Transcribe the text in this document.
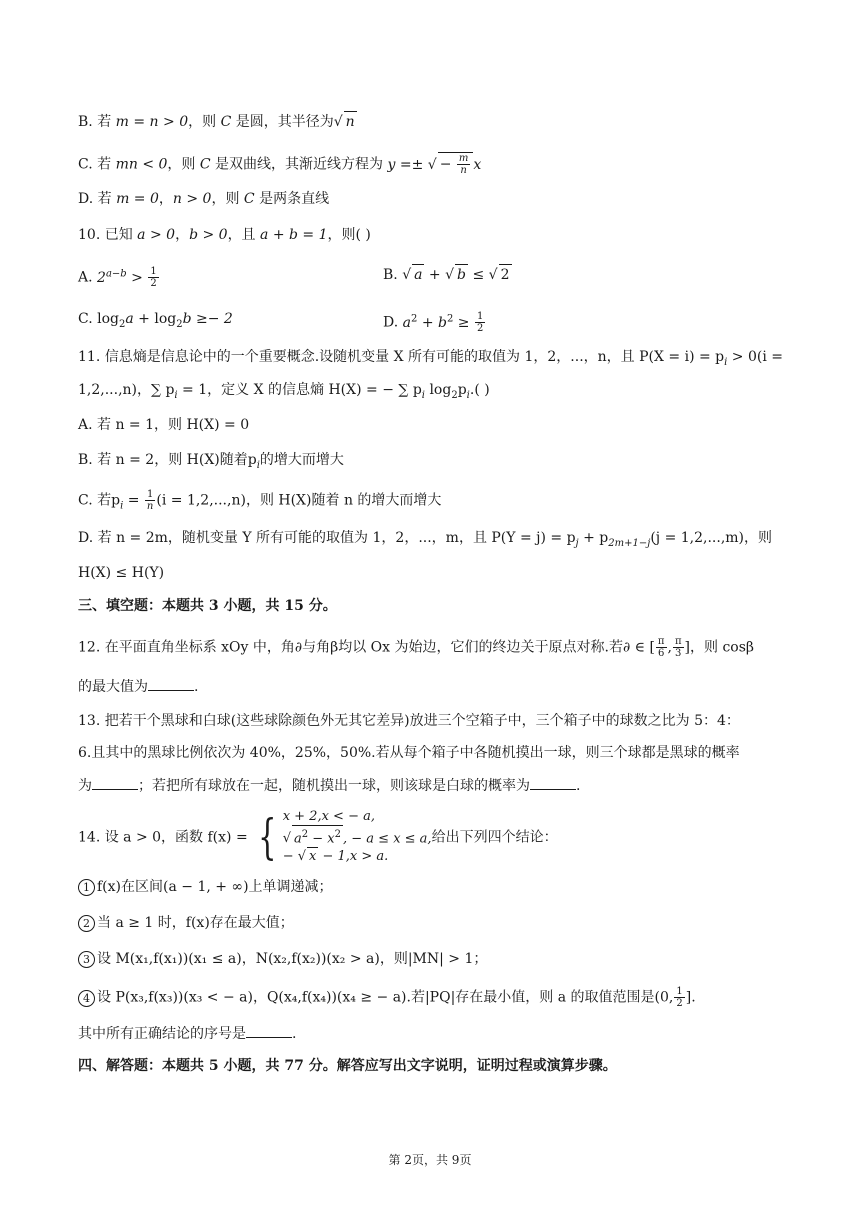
B. 若 m = n > 0，则 C 是圆，其半径为√ n
C. 若 mn < 0，则 C 是双曲线，其渐近线方程为 y =± √ − $\frac{m}{n}$ x
D. 若 m = 0，n > 0，则 C 是两条直线
10. 已知 a > 0，b > 0，且 a + b = 1，则( )
A. $2^{a-b} > \frac{1}{2}$	B. √ a + √ b ≤ √ 2
C. $\log_2a + \log_2b \ge- 2$	D. $a^2 + b^2 \ge \frac{1}{2}$
11. 信息熵是信息论中的一个重要概念.设随机变量 X 所有可能的取值为 1，2，...，n，且 $P(X = i) = p_i > 0(i$ =
1,2,...,n)，∑ $p_i = 1$，定义 X 的信息熵 H(X) = − ∑ $p_i$ $\log_2p_i$.( )
A. 若 n = 1，则 H(X) = 0
B. 若 n = 2，则 H(X)随着$p_i$的增大而增大
C. 若$p_i = \frac{1}{n} (i = 1,2,...,n)$，则 H(X)随着 n 的增大而增大
D. 若 n = 2m，随机变量 Y 所有可能的取值为 1，2，...，m，且 $P(Y = j) = p_j + p_{2m+1-j}(j = 1,2,...,m)$，则
H(X) ≤ H(Y)
三、填空题：本题共 3 小题，共 15 分。
12. 在平面直角坐标系 xOy 中，角∂与角β均以 Ox 为始边，它们的终边关于原点对称.若∂ ∈ [ $\frac{\pi}{6}$ , $\frac{\pi}{3}$ ]，则 cosβ
的最大值为	.
13. 把若干个黑球和白球(这些球除颜色外无其它差异)放进三个空箱子中，三个箱子中的球数之比为 5：4：
6.且其中的黑球比例依次为 40%，25%，50%.若从每个箱子中各随机摸出一球，则三个球都是黑球的概率
为	；若把所有球放在一起，随机摸出一球，则该球是白球的概率为	.
14. 设 a > 0，函数 f(x) = { x + 2,x < − a,
√ $a^2 - x^2$ , − a ≤ x ≤ a,
− √ x − 1,x > a.
给出下列四个结论：
1 f(x)在区间(a − 1, + ∞)上单调递减；
2 当 a ≥ 1 时，f(x)存在最大值；
3 设 M(x₁,f(x₁))(x₁ ≤ a)，N(x₂,f(x₂))(x₂ > a)，则|MN| > 1；
4 设 P(x₃,f(x₃))(x₃ < − a)，Q(x₄,f(x₄))(x₄ ≥ − a).若|PQ|存在最小值，则 a 的取值范围是(0, $\frac{1}{2}$ ].
其中所有正确结论的序号是	.
四、解答题：本题共 5 小题，共 77 分。解答应写出文字说明，证明过程或演算步骤。
第 2页，共 9页
